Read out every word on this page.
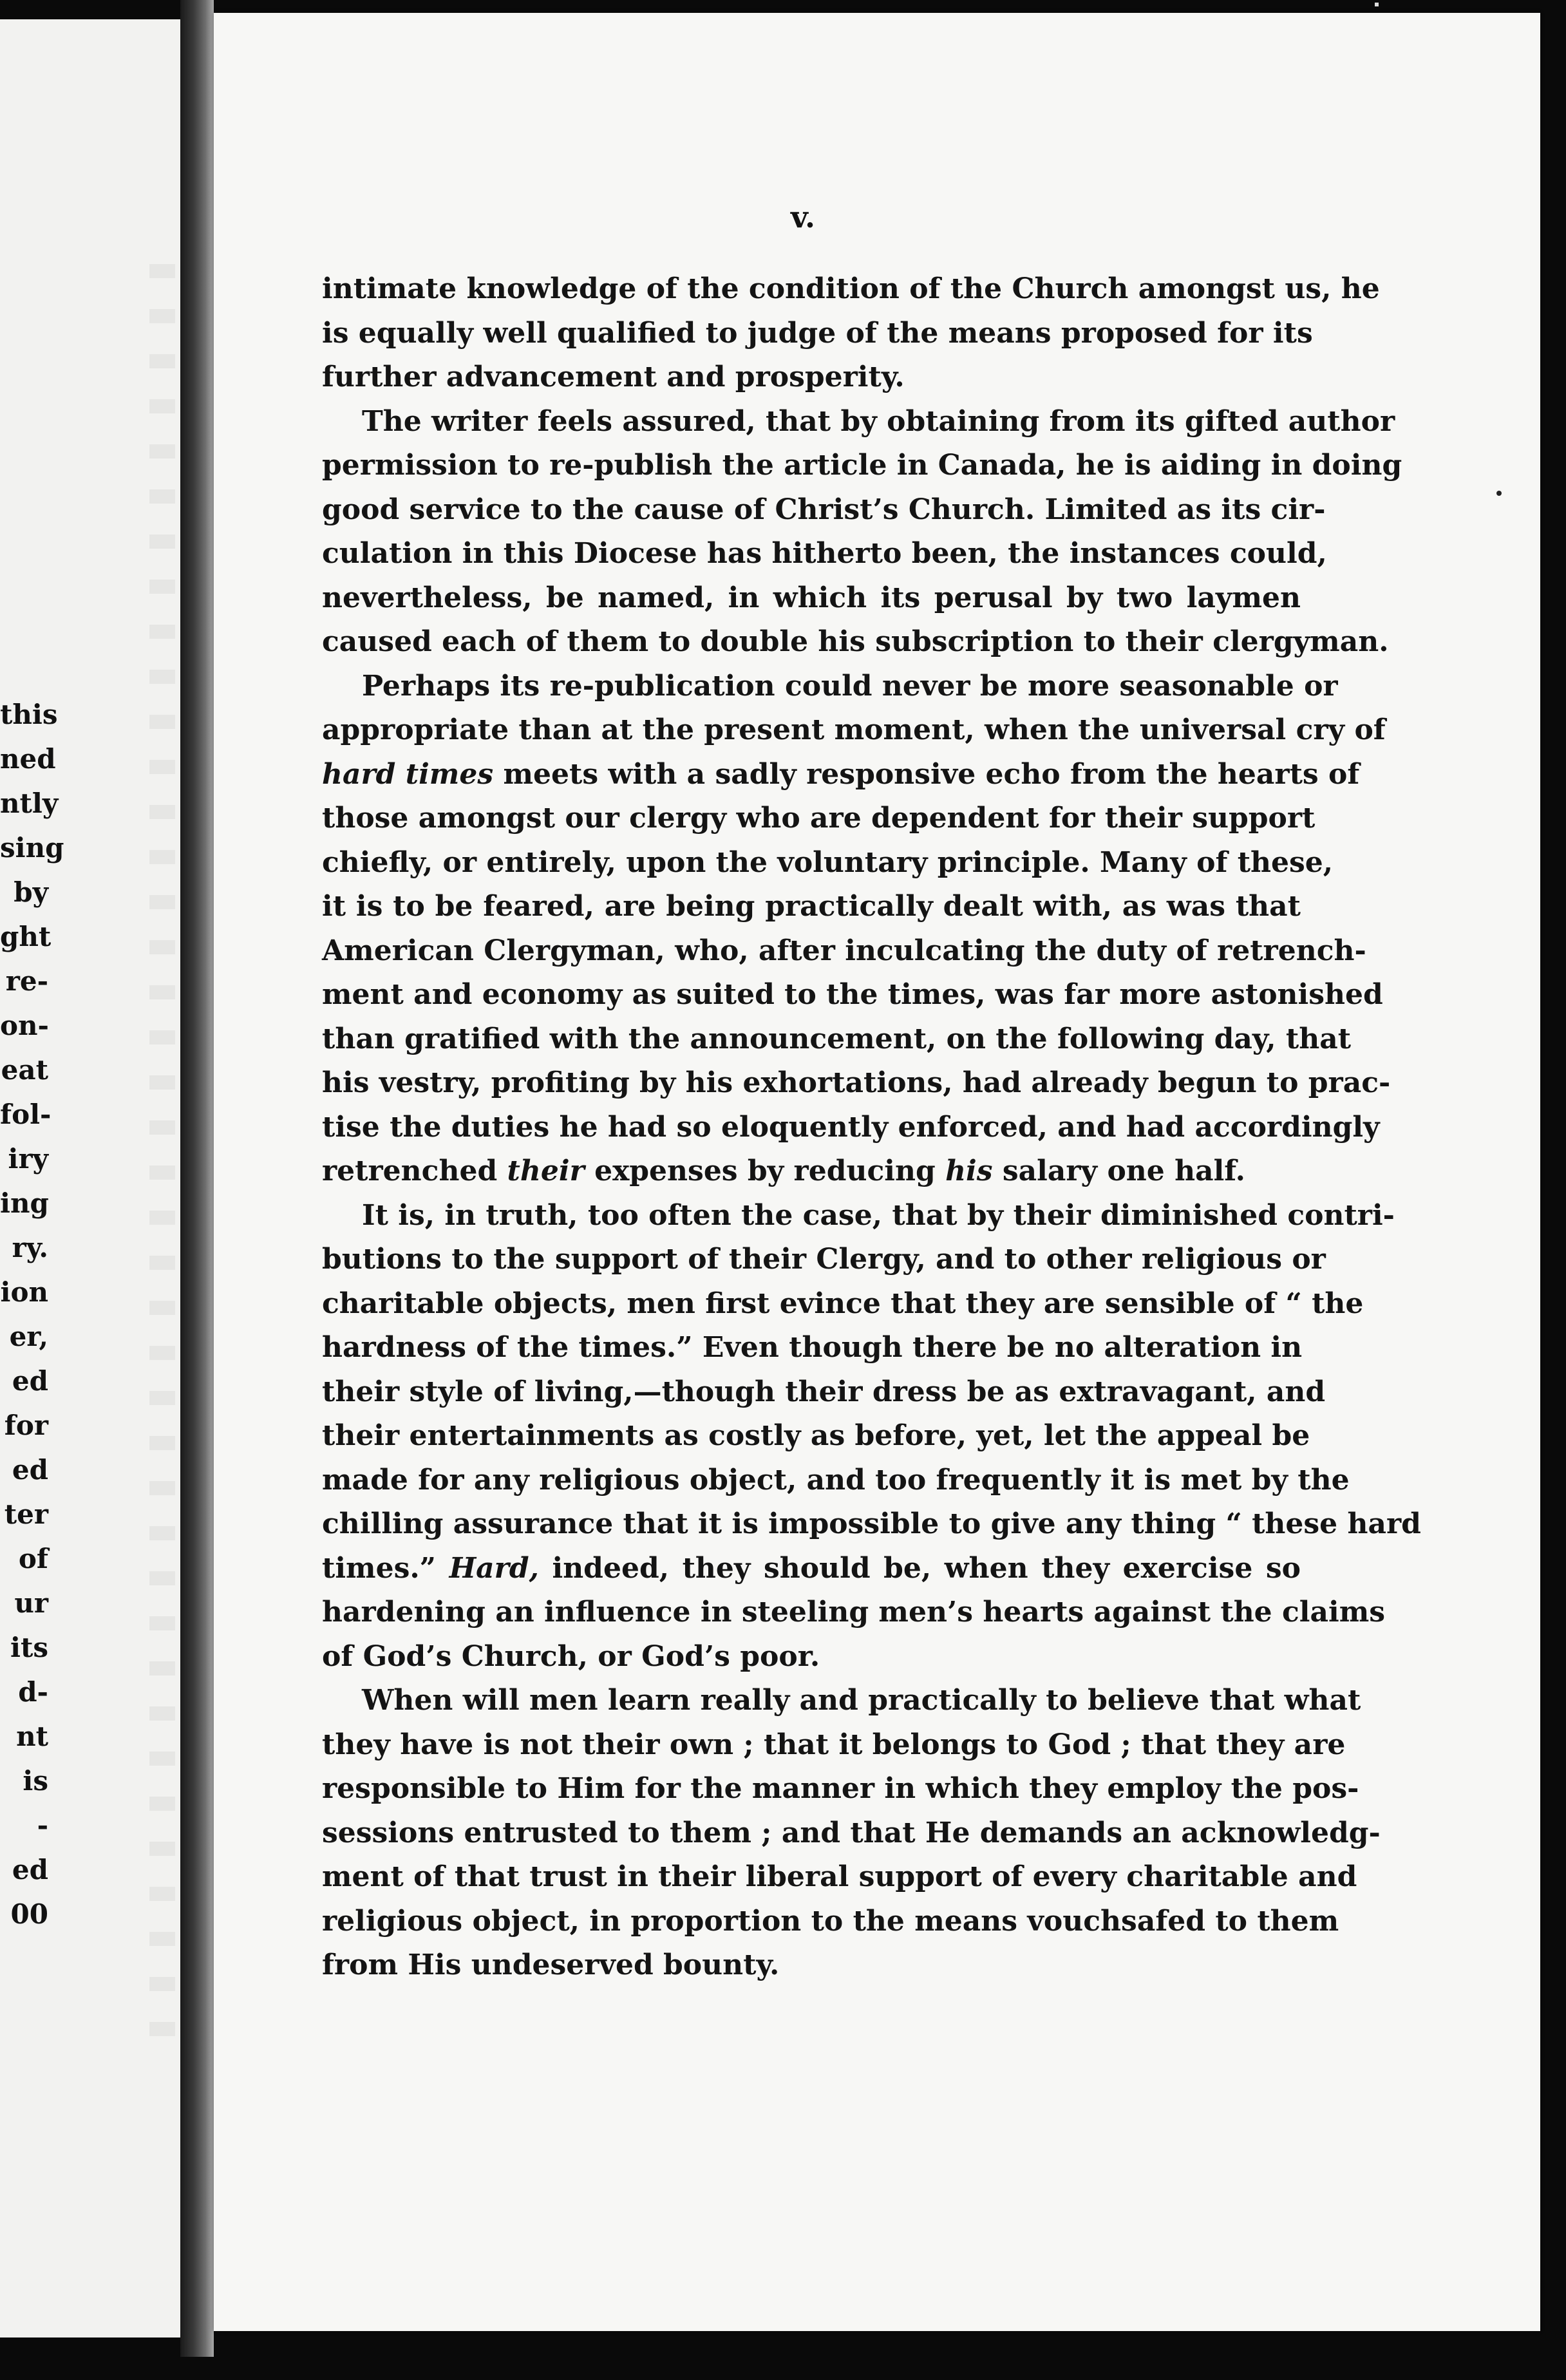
this
ned
ntly
sing
by
ght
re-
on-
eat
fol-
iry
ing
ry.
ion
er,
ed
for
ed
ter
of
ur
its
d-
nt
is
-
ed
00
v.

intimate knowledge of the condition of the Church amongst us, he
is equally well qualified to judge of the means proposed for its
further advancement and prosperity.

The writer feels assured, that by obtaining from its gifted author
permission to re-publish the article in Canada, he is aiding in doing
good service to the cause of Christ’s Church. Limited as its cir-
culation in this Diocese has hitherto been, the instances could,
nevertheless, be named, in which its perusal by two laymen
caused each of them to double his subscription to their clergyman.

Perhaps its re-publication could never be more seasonable or
appropriate than at the present moment, when the universal cry of
hard times meets with a sadly responsive echo from the hearts of
those amongst our clergy who are dependent for their support
chiefly, or entirely, upon the voluntary principle. Many of these,
it is to be feared, are being practically dealt with, as was that
American Clergyman, who, after inculcating the duty of retrench-
ment and economy as suited to the times, was far more astonished
than gratified with the announcement, on the following day, that
his vestry, profiting by his exhortations, had already begun to prac-
tise the duties he had so eloquently enforced, and had accordingly
retrenched their expenses by reducing his salary one half.

It is, in truth, too often the case, that by their diminished contri-
butions to the support of their Clergy, and to other religious or
charitable objects, men first evince that they are sensible of “ the
hardness of the times.” Even though there be no alteration in
their style of living,—though their dress be as extravagant, and
their entertainments as costly as before, yet, let the appeal be
made for any religious object, and too frequently it is met by the
chilling assurance that it is impossible to give any thing “ these hard
times.” Hard, indeed, they should be, when they exercise so
hardening an influence in steeling men’s hearts against the claims
of God’s Church, or God’s poor.

When will men learn really and practically to believe that what
they have is not their own ; that it belongs to God ; that they are
responsible to Him for the manner in which they employ the pos-
sessions entrusted to them ; and that He demands an acknowledg-
ment of that trust in their liberal support of every charitable and
religious object, in proportion to the means vouchsafed to them
from His undeserved bounty.
